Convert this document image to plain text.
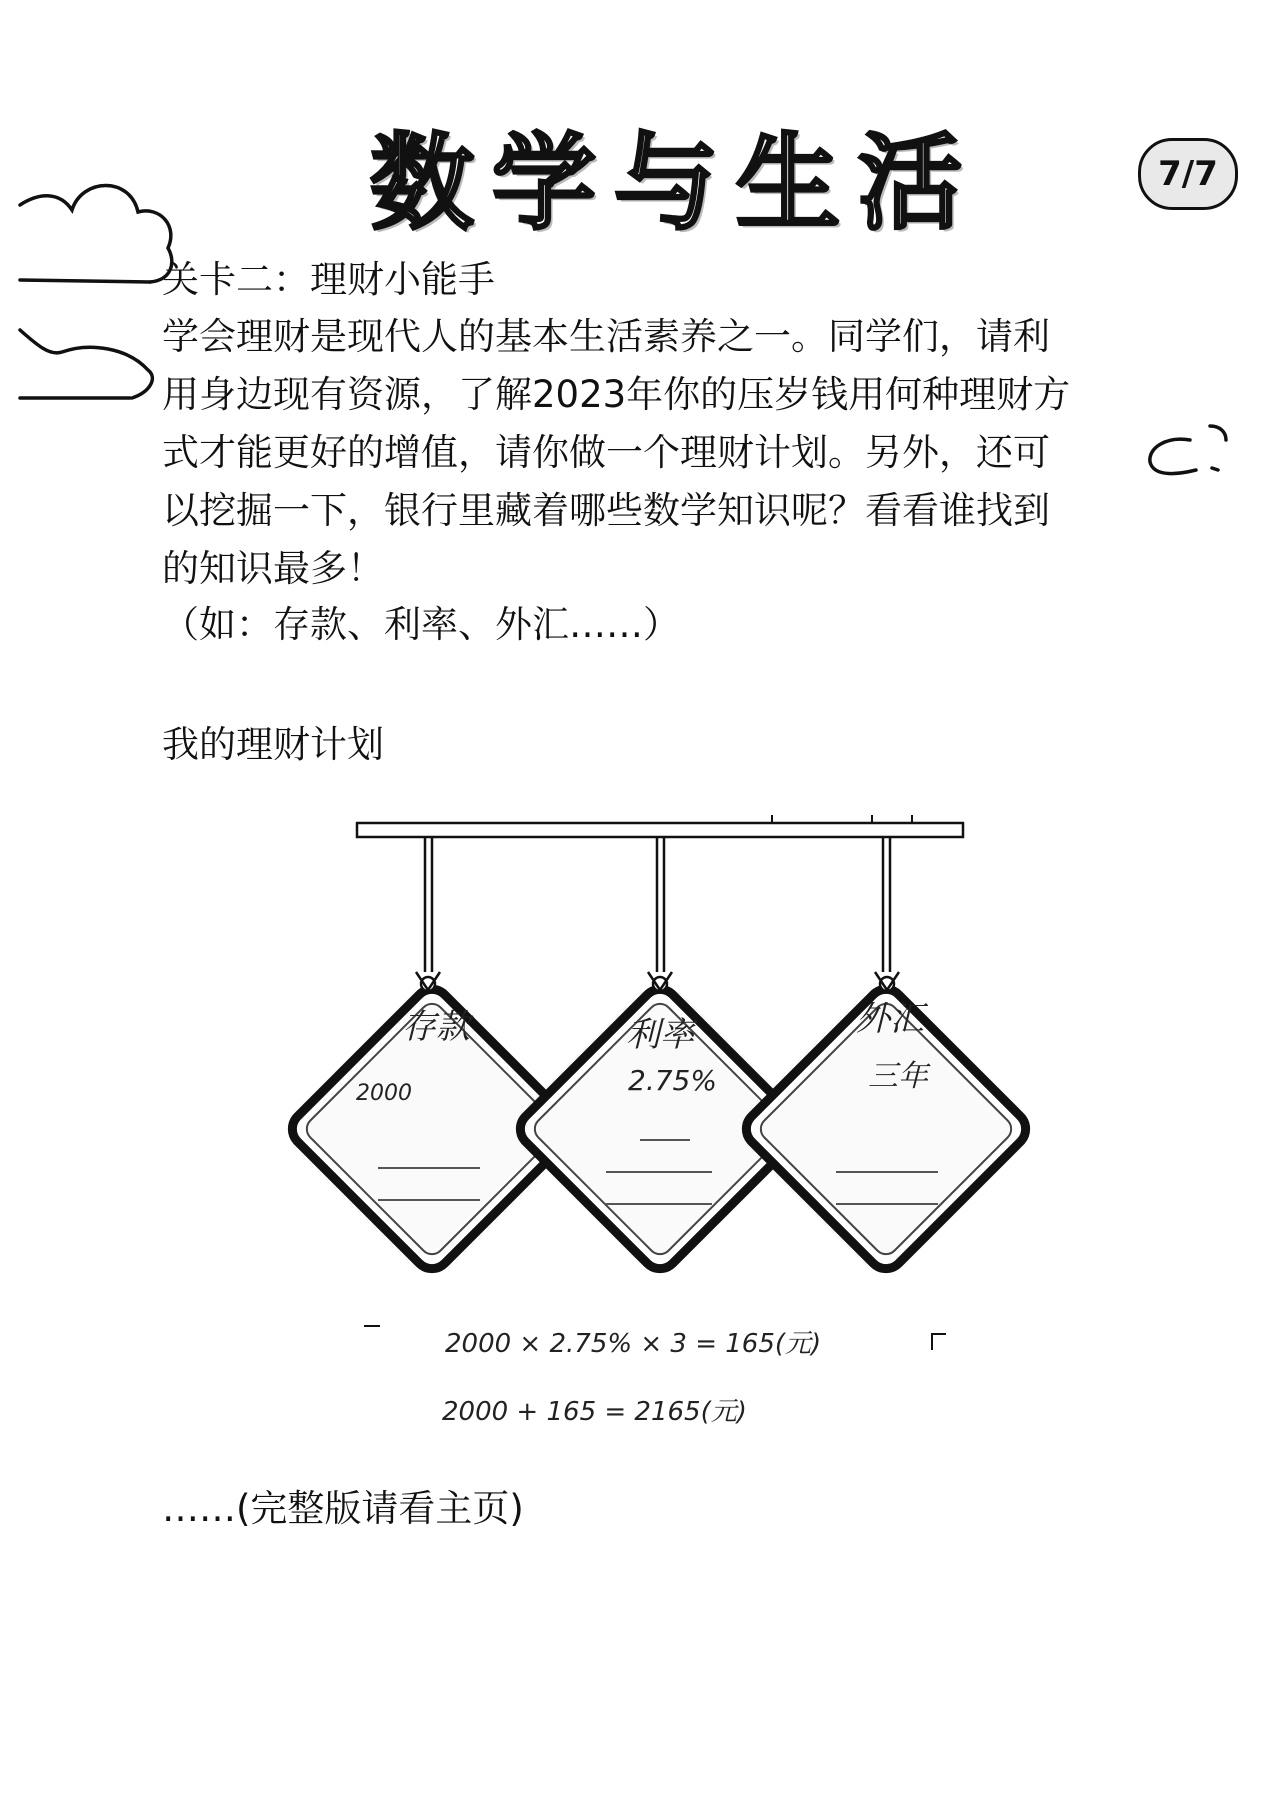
存款
2000
利率
2.75%
外汇
三年
2000 × 2.75% × 3 = 165(元)
2000 + 165 = 2165(元)
数学与生活	7/7
关卡二：理财小能手

学会理财是现代人的基本生活素养之一。同学们，请利
用身边现有资源，了解2023年你的压岁钱用何种理财方
式才能更好的增值，请你做一个理财计划。另外，还可
以挖掘一下，银行里藏着哪些数学知识呢？看看谁找到
的知识最多！

（如：存款、利率、外汇……）
我的理财计划
……(完整版请看主页)
